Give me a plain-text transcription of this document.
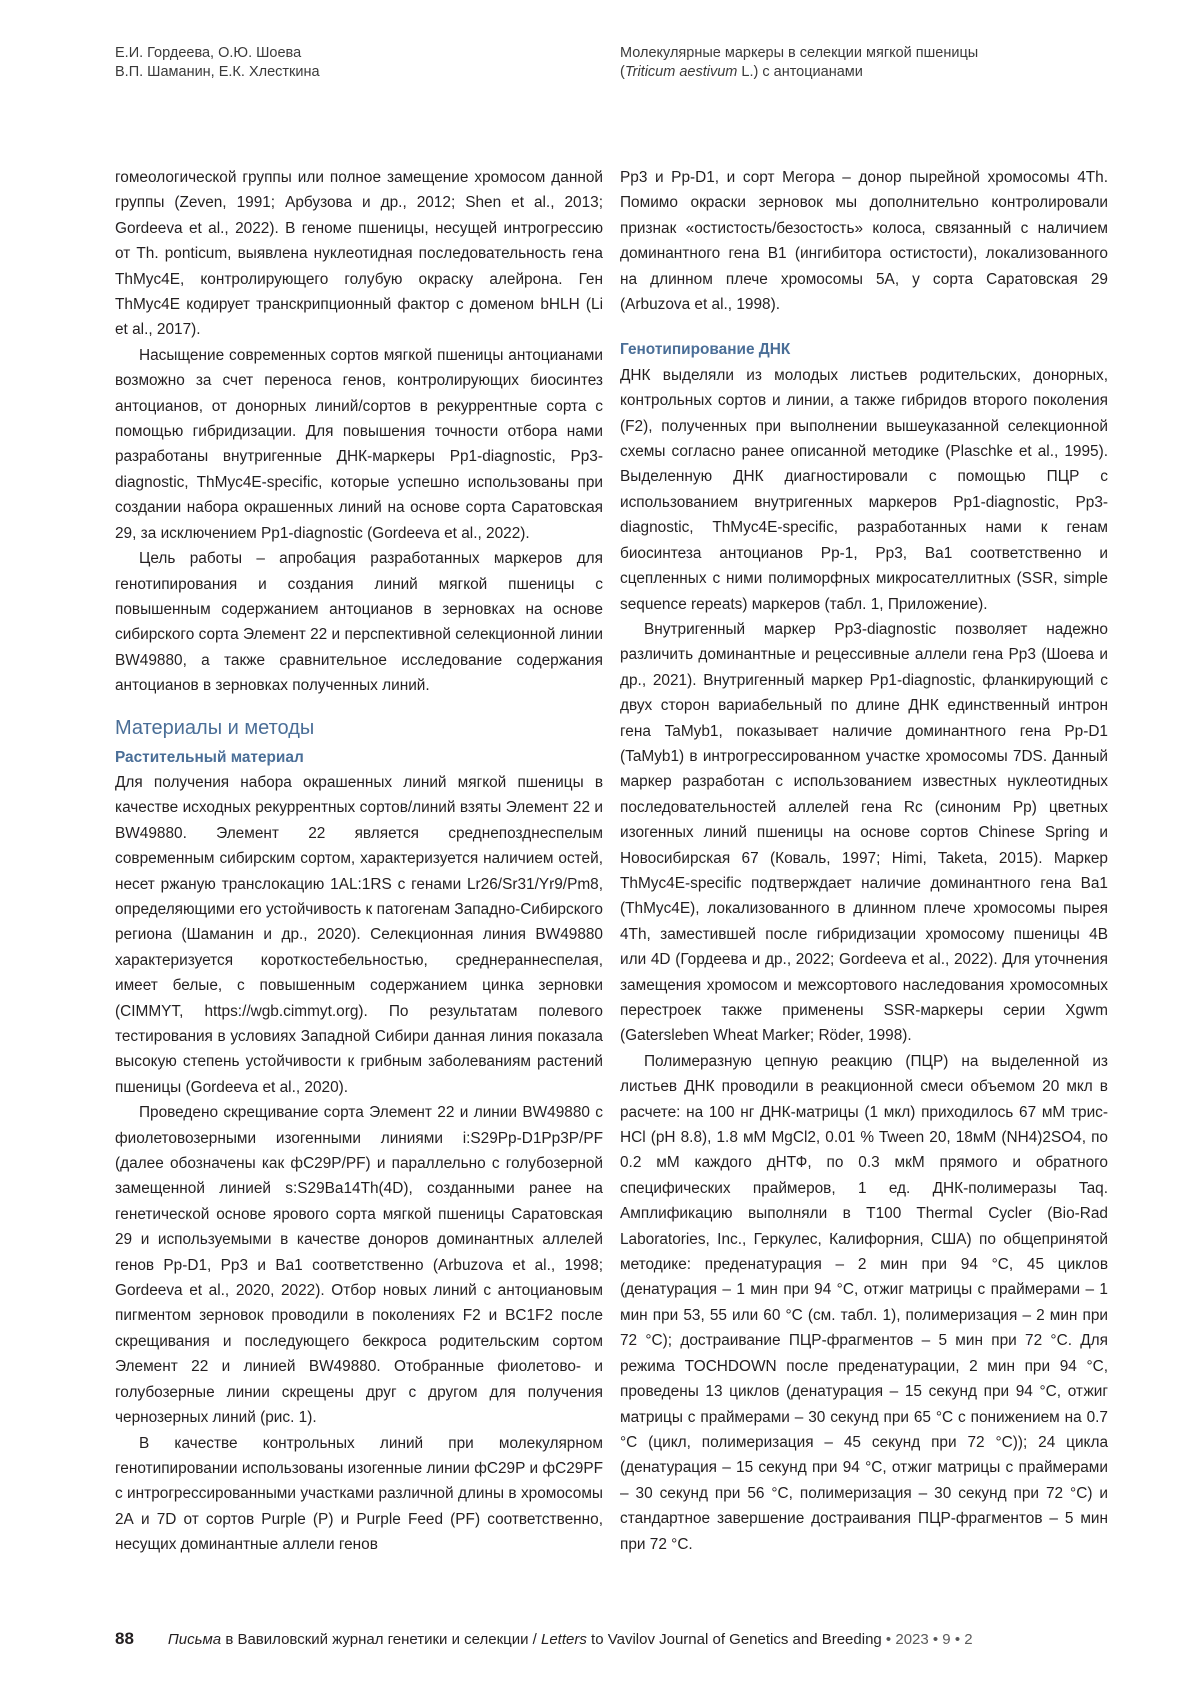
Е.И. Гордеева, О.Ю. Шоева
В.П. Шаманин, Е.К. Хлесткина
Молекулярные маркеры в селекции мягкой пшеницы
(Triticum aestivum L.) с антоцианами

гомеологической группы или полное замещение хромосом данной группы (Zeven, 1991; Арбузова и др., 2012; Shen et al., 2013; Gordeeva et al., 2022). В геноме пшеницы, несущей интрогрессию от Th. ponticum, выявлена нуклеотидная последовательность гена ThMyc4E, контролирующего голубую окраску алейрона. Ген ThMyc4E кодирует транскрипционный фактор с доменом bHLH (Li et al., 2017).

Насыщение современных сортов мягкой пшеницы антоцианами возможно за счет переноса генов, контролирующих биосинтез антоцианов, от донорных линий/сортов в рекуррентные сорта с помощью гибридизации. Для повышения точности отбора нами разработаны внутригенные ДНК-маркеры Pp1-diagnostic, Pp3-diagnostic, ThMyc4E-specific, которые успешно использованы при создании набора окрашенных линий на основе сорта Саратовская 29, за исключением Pp1-diagnostic (Gordeeva et al., 2022).

Цель работы – апробация разработанных маркеров для генотипирования и создания линий мягкой пшеницы с повышенным содержанием антоцианов в зерновках на основе сибирского сорта Элемент 22 и перспективной селекционной линии BW49880, а также сравнительное исследование содержания антоцианов в зерновках полученных линий.

Материалы и методы
Растительный материал

Для получения набора окрашенных линий мягкой пшеницы в качестве исходных рекуррентных сортов/линий взяты Элемент 22 и BW49880. Элемент 22 является среднепозднеспелым современным сибирским сортом, характеризуется наличием остей, несет ржаную транслокацию 1AL:1RS с генами Lr26/Sr31/Yr9/Pm8, определяющими его устойчивость к патогенам Западно-Сибирского региона (Шаманин и др., 2020). Селекционная линия BW49880 характеризуется короткостебельностью, среднераннеспелая, имеет белые, с повышенным содержанием цинка зерновки (CIMMYT, https://wgb.cimmyt.org). По результатам полевого тестирования в условиях Западной Сибири данная линия показала высокую степень устойчивости к грибным заболеваниям растений пшеницы (Gordeeva et al., 2020).

Проведено скрещивание сорта Элемент 22 и линии BW49880 с фиолетовозерными изогенными линиями i:S29Pp-D1Pp3P/PF (далее обозначены как фС29P/PF) и параллельно с голубозерной замещенной линией s:S29Ba14Th(4D), созданными ранее на генетической основе ярового сорта мягкой пшеницы Саратовская 29 и используемыми в качестве доноров доминантных аллелей генов Pp-D1, Pp3 и Ba1 соответственно (Arbuzova et al., 1998; Gordeeva et al., 2020, 2022). Отбор новых линий с антоциановым пигментом зерновок проводили в поколениях F2 и BC1F2 после скрещивания и последующего беккроса родительским сортом Элемент 22 и линией BW49880. Отобранные фиолетово- и голубозерные линии скрещены друг с другом для получения чернозерных линий (рис. 1).

В качестве контрольных линий при молекулярном генотипировании использованы изогенные линии фС29P и фС29PF с интрогрессированными участками различной длины в хромосомы 2А и 7D от сортов Purple (P) и Purple Feed (PF) соответственно, несущих доминантные аллели генов

Pp3 и Pp-D1, и сорт Мегора – донор пырейной хромосомы 4Th. Помимо окраски зерновок мы дополнительно контролировали признак «остистость/безостость» колоса, связанный с наличием доминантного гена B1 (ингибитора остистости), локализованного на длинном плече хромосомы 5А, у сорта Саратовская 29 (Arbuzova et al., 1998).

Генотипирование ДНК

ДНК выделяли из молодых листьев родительских, донорных, контрольных сортов и линии, а также гибридов второго поколения (F2), полученных при выполнении вышеуказанной селекционной схемы согласно ранее описанной методике (Plaschke et al., 1995). Выделенную ДНК диагностировали с помощью ПЦР с использованием внутригенных маркеров Pp1-diagnostic, Pp3-diagnostic, ThMyc4E-specific, разработанных нами к генам биосинтеза антоцианов Pp-1, Pp3, Ba1 соответственно и сцепленных с ними полиморфных микросателлитных (SSR, simple sequence repeats) маркеров (табл. 1, Приложение).

Внутригенный маркер Pp3-diagnostic позволяет надежно различить доминантные и рецессивные аллели гена Pp3 (Шоева и др., 2021). Внутригенный маркер Pp1-diagnostic, фланкирующий с двух сторон вариабельный по длине ДНК единственный интрон гена TaMyb1, показывает наличие доминантного гена Pp-D1 (TaMyb1) в интрогрессированном участке хромосомы 7DS. Данный маркер разработан с использованием известных нуклеотидных последовательностей аллелей гена Rc (синоним Pp) цветных изогенных линий пшеницы на основе сортов Chinese Spring и Новосибирская 67 (Коваль, 1997; Himi, Taketa, 2015). Маркер ThMyc4E-specific подтверждает наличие доминантного гена Ba1 (ThMyc4E), локализованного в длинном плече хромосомы пырея 4Th, заместившей после гибридизации хромосому пшеницы 4B или 4D (Гордеева и др., 2022; Gordeeva et al., 2022). Для уточнения замещения хромосом и межсортового наследования хромосомных перестроек также применены SSR-маркеры серии Xgwm (Gatersleben Wheat Marker; Röder, 1998).

Полимеразную цепную реакцию (ПЦР) на выделенной из листьев ДНК проводили в реакционной смеси объемом 20 мкл в расчете: на 100 нг ДНК-матрицы (1 мкл) приходилось 67 мМ трис-HCl (pH 8.8), 1.8 мМ MgCl2, 0.01 % Tween 20, 18мМ (NH4)2SO4, по 0.2 мМ каждого дНТФ, по 0.3 мкМ прямого и обратного специфических праймеров, 1 ед. ДНК-полимеразы Taq. Амплификацию выполняли в T100 Thermal Cycler (Bio-Rad Laboratories, Inc., Геркулес, Калифорния, США) по общепринятой методике: преденатурация – 2 мин при 94 °С, 45 циклов (денатурация – 1 мин при 94 °С, отжиг матрицы с праймерами – 1 мин при 53, 55 или 60 °С (см. табл. 1), полимеризация – 2 мин при 72 °С); достраивание ПЦР-фрагментов – 5 мин при 72 °С. Для режима TOCHDOWN после преденатурации, 2 мин при 94 °С, проведены 13 циклов (денатурация – 15 секунд при 94 °С, отжиг матрицы с праймерами – 30 секунд при 65 °С с понижением на 0.7 °С (цикл, полимеризация – 45 секунд при 72 °С)); 24 цикла (денатурация – 15 секунд при 94 °С, отжиг матрицы с праймерами – 30 секунд при 56 °С, полимеризация – 30 секунд при 72 °С) и стандартное завершение достраивания ПЦР-фрагментов – 5 мин при 72 °С.

88 Письма в Вавиловский журнал генетики и селекции / Letters to Vavilov Journal of Genetics and Breeding • 2023 • 9 • 2
